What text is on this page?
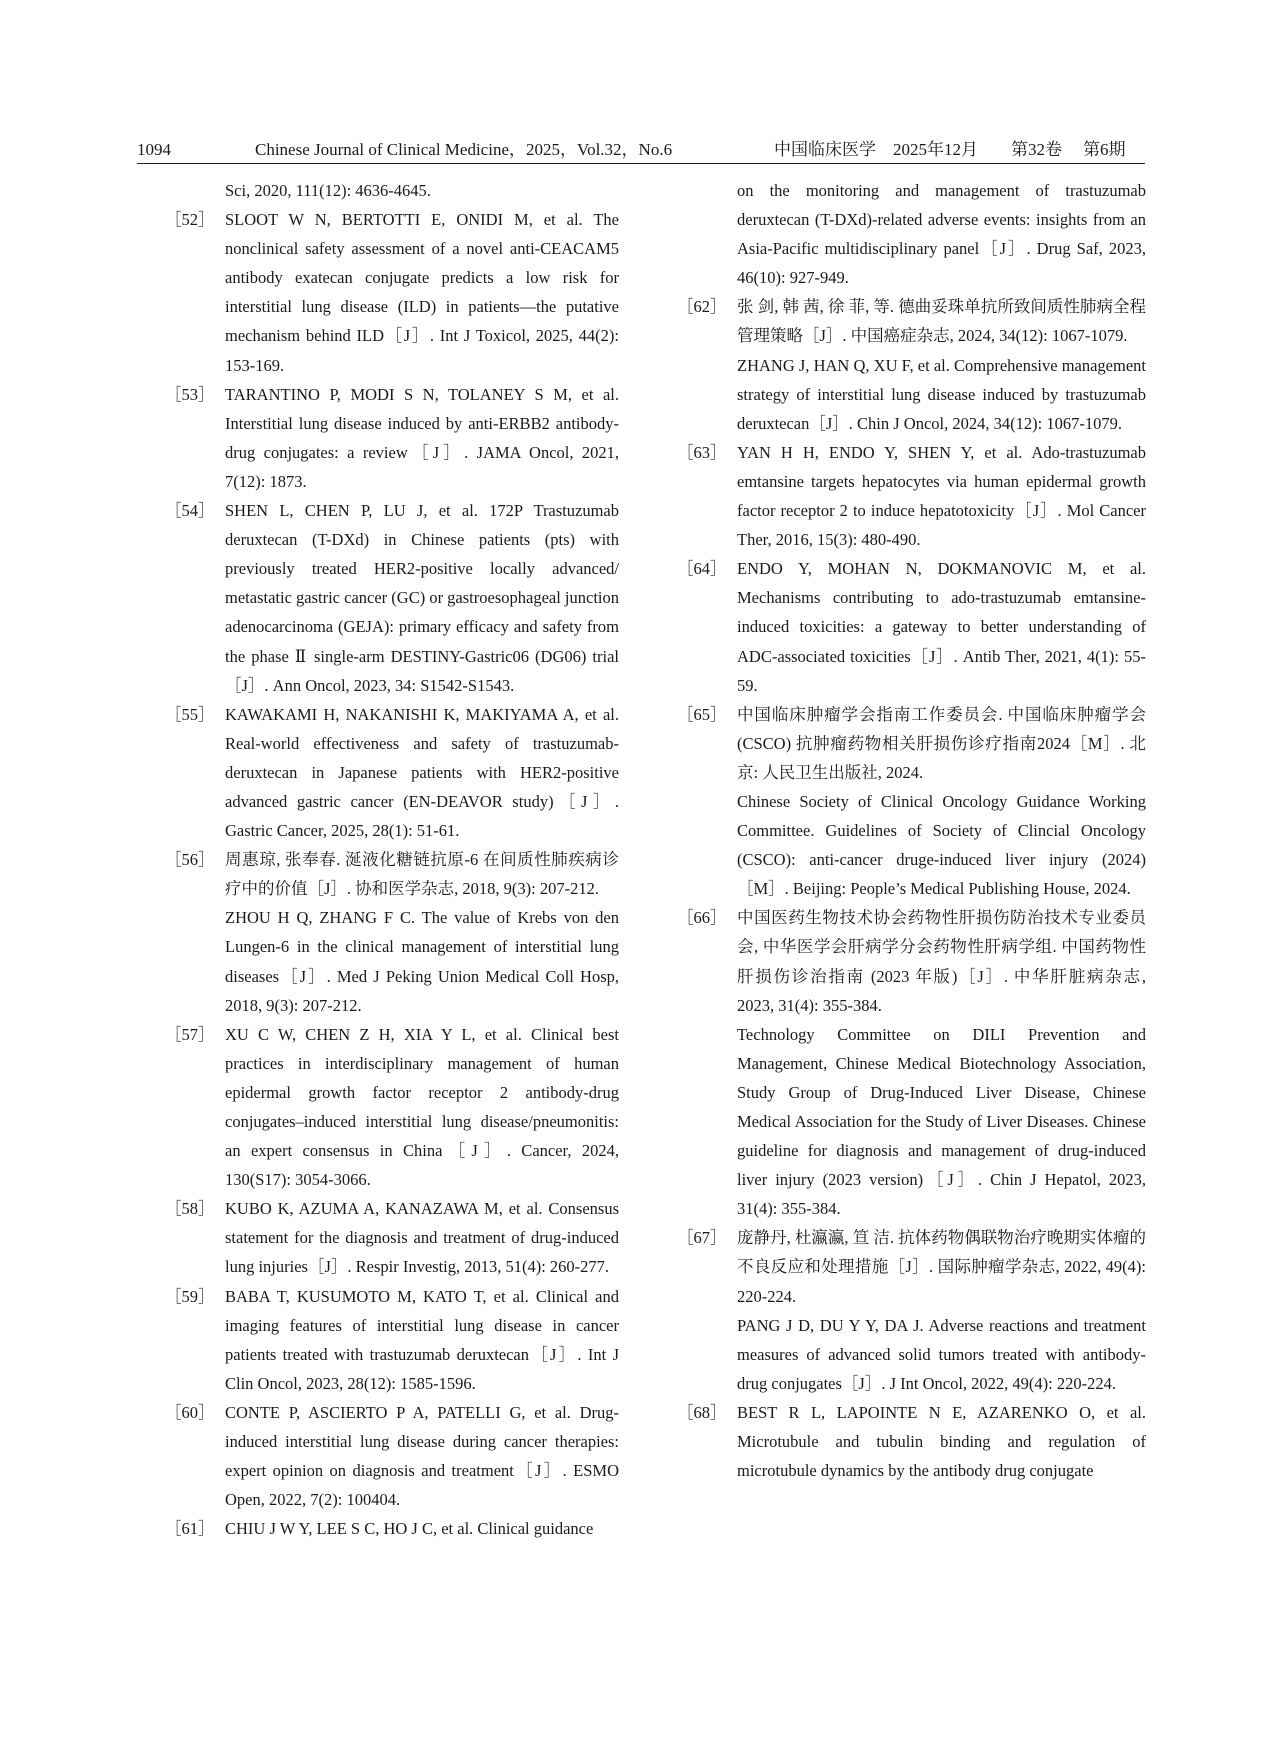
1094	Chinese Journal of Clinical Medicine，2025，Vol.32，No.6	中国临床医学 2025年12月 第32卷 第6期

Sci, 2020, 111(12): 4636-4645.

［52］ SLOOT W N, BERTOTTI E, ONIDI M, et al. The nonclinical safety assessment of a novel anti-CEACAM5 antibody exatecan conjugate predicts a low risk for interstitial lung disease (ILD) in patients—the putative mechanism behind ILD［J］. Int J Toxicol, 2025, 44(2): 153-169.

［53］ TARANTINO P, MODI S N, TOLANEY S M, et al. Interstitial lung disease induced by anti-ERBB2 antibody-drug conjugates: a review［J］. JAMA Oncol, 2021, 7(12): 1873.

［54］ SHEN L, CHEN P, LU J, et al. 172P Trastuzumab deruxtecan (T-DXd) in Chinese patients (pts) with previously treated HER2-positive locally advanced/ metastatic gastric cancer (GC) or gastroesophageal junction adenocarcinoma (GEJA): primary efficacy and safety from the phase Ⅱ single-arm DESTINY-Gastric06 (DG06) trial［J］. Ann Oncol, 2023, 34: S1542-S1543.

［55］ KAWAKAMI H, NAKANISHI K, MAKIYAMA A, et al. Real-world effectiveness and safety of trastuzumab-deruxtecan in Japanese patients with HER2-positive advanced gastric cancer (EN-DEAVOR study)［J］. Gastric Cancer, 2025, 28(1): 51-61.

［56］ 周惠琼, 张奉春. 涎液化糖链抗原-6 在间质性肺疾病诊疗中的价值［J］. 协和医学杂志, 2018, 9(3): 207-212.

ZHOU H Q, ZHANG F C. The value of Krebs von den Lungen-6 in the clinical management of interstitial lung diseases［J］. Med J Peking Union Medical Coll Hosp, 2018, 9(3): 207-212.

［57］ XU C W, CHEN Z H, XIA Y L, et al. Clinical best practices in interdisciplinary management of human epidermal growth factor receptor 2 antibody-drug conjugates–induced interstitial lung disease/pneumonitis: an expert consensus in China［J］. Cancer, 2024, 130(S17): 3054-3066.

［58］ KUBO K, AZUMA A, KANAZAWA M, et al. Consensus statement for the diagnosis and treatment of drug-induced lung injuries［J］. Respir Investig, 2013, 51(4): 260-277.

［59］ BABA T, KUSUMOTO M, KATO T, et al. Clinical and imaging features of interstitial lung disease in cancer patients treated with trastuzumab deruxtecan［J］. Int J Clin Oncol, 2023, 28(12): 1585-1596.

［60］ CONTE P, ASCIERTO P A, PATELLI G, et al. Drug-induced interstitial lung disease during cancer therapies: expert opinion on diagnosis and treatment［J］. ESMO Open, 2022, 7(2): 100404.

［61］ CHIU J W Y, LEE S C, HO J C, et al. Clinical guidance

on the monitoring and management of trastuzumab deruxtecan (T-DXd)-related adverse events: insights from an Asia-Pacific multidisciplinary panel［J］. Drug Saf, 2023, 46(10): 927-949.

［62］ 张 剑, 韩 茜, 徐 菲, 等. 德曲妥珠单抗所致间质性肺病全程管理策略［J］. 中国癌症杂志, 2024, 34(12): 1067-1079.

ZHANG J, HAN Q, XU F, et al. Comprehensive management strategy of interstitial lung disease induced by trastuzumab deruxtecan［J］. Chin J Oncol, 2024, 34(12): 1067-1079.

［63］ YAN H H, ENDO Y, SHEN Y, et al. Ado-trastuzumab emtansine targets hepatocytes via human epidermal growth factor receptor 2 to induce hepatotoxicity［J］. Mol Cancer Ther, 2016, 15(3): 480-490.

［64］ ENDO Y, MOHAN N, DOKMANOVIC M, et al. Mechanisms contributing to ado-trastuzumab emtansine-induced toxicities: a gateway to better understanding of ADC-associated toxicities［J］. Antib Ther, 2021, 4(1): 55-59.

［65］ 中国临床肿瘤学会指南工作委员会. 中国临床肿瘤学会 (CSCO) 抗肿瘤药物相关肝损伤诊疗指南2024［M］. 北京: 人民卫生出版社, 2024.

Chinese Society of Clinical Oncology Guidance Working Committee. Guidelines of Society of Clincial Oncology (CSCO): anti-cancer druge-induced liver injury (2024)［M］. Beijing: People’s Medical Publishing House, 2024.

［66］ 中国医药生物技术协会药物性肝损伤防治技术专业委员会, 中华医学会肝病学分会药物性肝病学组. 中国药物性肝损伤诊治指南 (2023 年版)［J］. 中华肝脏病杂志, 2023, 31(4): 355-384.

Technology Committee on DILI Prevention and Management, Chinese Medical Biotechnology Association, Study Group of Drug-Induced Liver Disease, Chinese Medical Association for the Study of Liver Diseases. Chinese guideline for diagnosis and management of drug-induced liver injury (2023 version)［J］. Chin J Hepatol, 2023, 31(4): 355-384.

［67］ 庞静丹, 杜瀛瀛, 笪 洁. 抗体药物偶联物治疗晚期实体瘤的不良反应和处理措施［J］. 国际肿瘤学杂志, 2022, 49(4): 220-224.

PANG J D, DU Y Y, DA J. Adverse reactions and treatment measures of advanced solid tumors treated with antibody-drug conjugates［J］. J Int Oncol, 2022, 49(4): 220-224.

［68］ BEST R L, LAPOINTE N E, AZARENKO O, et al. Microtubule and tubulin binding and regulation of microtubule dynamics by the antibody drug conjugate
